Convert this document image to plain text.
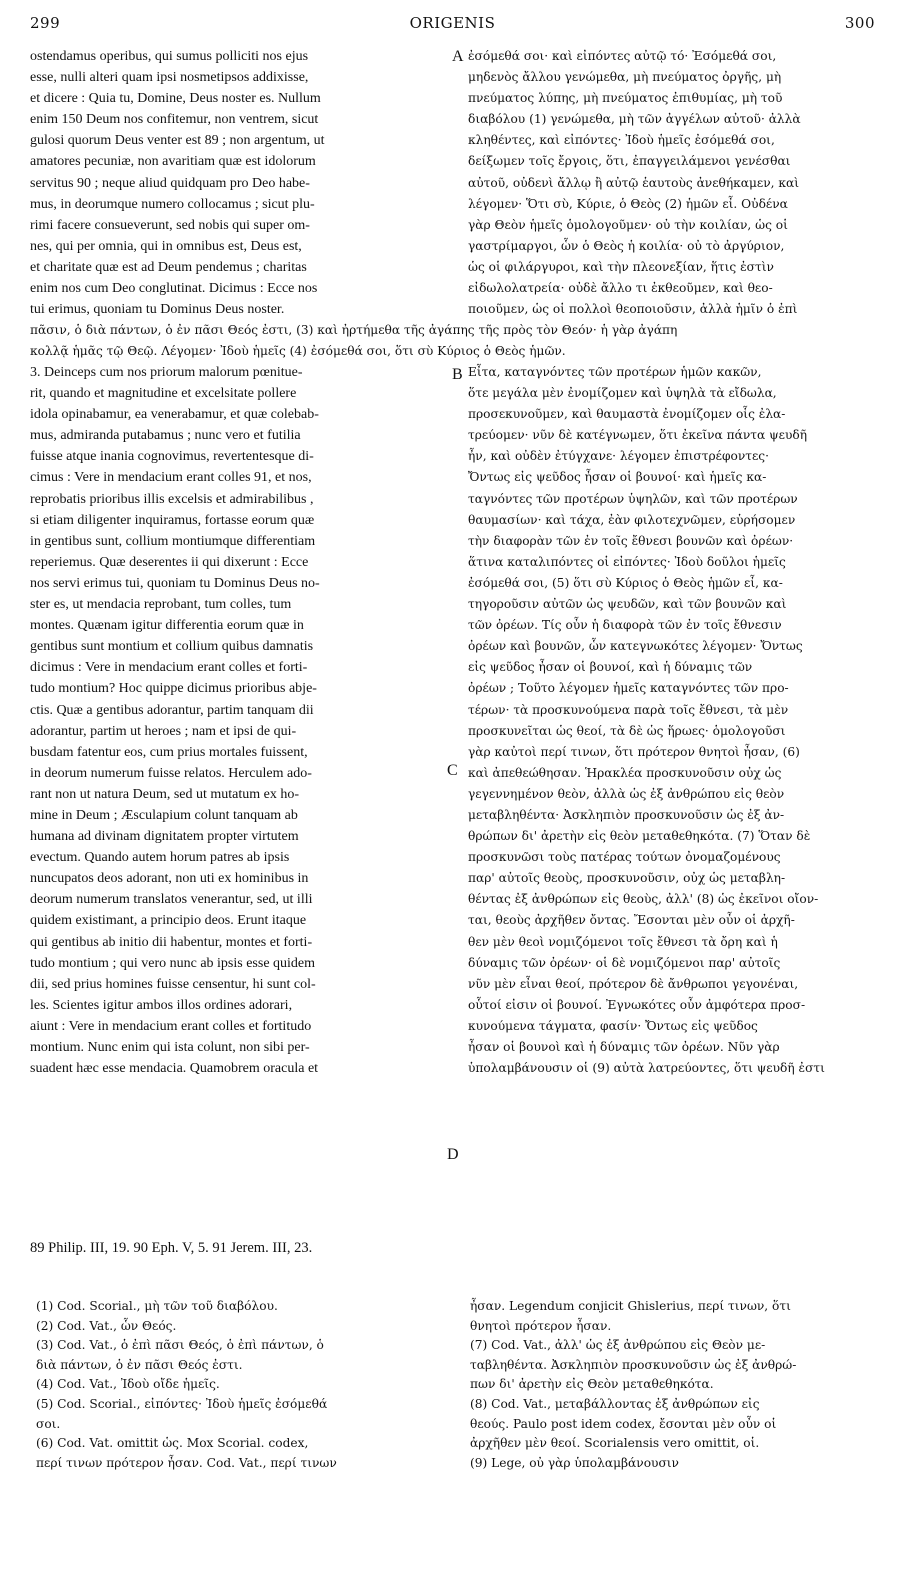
299	ORIGENIS	300
ostendamus operibus, qui sumus polliciti nos ejus
esse, nulli alteri quam ipsi nosmetipsos addixisse,
et dicere : Quia tu, Domine, Deus noster es. Nullum
enim 150 Deum nos confitemur, non ventrem, sicut
gulosi quorum Deus venter est 89 ; non argentum, ut
amatores pecuniæ, non avaritiam quæ est idolorum
servitus 90 ; neque aliud quidquam pro Deo habe-
mus, in deorumque numero collocamus ; sicut plu-
rimi facere consueverunt, sed nobis qui super om-
nes, qui per omnia, qui in omnibus est, Deus est,
et charitate quæ est ad Deum pendemus ; charitas
enim nos cum Deo conglutinat. Dicimus : Ecce nos
tui erimus, quoniam tu Dominus Deus noster.
ἐσόμεθά σοι· καὶ εἰπόντες αὐτῷ τό· Ἐσόμεθά σοι,
μηδενὸς ἄλλου γενώμεθα, μὴ πνεύματος ὀργῆς, μὴ
πνεύματος λύπης, μὴ πνεύματος ἐπιθυμίας, μὴ τοῦ
διαβόλου (1) γενώμεθα, μὴ τῶν ἀγγέλων αὐτοῦ· ἀλλὰ
κληθέντες, καὶ εἰπόντες· Ἰδοὺ ἡμεῖς ἐσόμεθά σοι,
δείξωμεν τοῖς ἔργοις, ὅτι, ἐπαγγειλάμενοι γενέσθαι
αὐτοῦ, οὐδενὶ ἄλλῳ ἢ αὐτῷ ἑαυτοὺς ἀνεθήκαμεν, καὶ
λέγομεν· Ὅτι σὺ, Κύριε, ὁ Θεὸς (2) ἡμῶν εἶ. Οὐδένα
γὰρ Θεὸν ἡμεῖς ὁμολογοῦμεν· οὐ τὴν κοιλίαν, ὡς οἱ
γαστρίμαργοι, ὧν ὁ Θεὸς ἡ κοιλία· οὐ τὸ ἀργύριον,
ὡς οἱ φιλάργυροι, καὶ τὴν πλεονεξίαν, ἥτις ἐστὶν
εἰδωλολατρεία· οὐδὲ ἄλλο τι ἐκθεοῦμεν, καὶ θεο-
ποιοῦμεν, ὡς οἱ πολλοὶ θεοποιοῦσιν, ἀλλὰ ἡμῖν ὁ ἐπὶ
A
πᾶσιν, ὁ διὰ πάντων, ὁ ἐν πᾶσι Θεός ἐστι, (3) καὶ ἠρτήμεθα τῆς ἀγάπης τῆς πρὸς τὸν Θεόν· ἡ γὰρ ἀγάπη
κολλᾷ ἡμᾶς τῷ Θεῷ. Λέγομεν· Ἰδοὺ ἡμεῖς (4) ἐσόμεθά σοι, ὅτι σὺ Κύριος ὁ Θεὸς ἡμῶν.
3. Deinceps cum nos priorum malorum pœnitue-
rit, quando et magnitudine et excelsitate pollere
idola opinabamur, ea venerabamur, et quæ colebab-
mus, admiranda putabamus ; nunc vero et futilia
fuisse atque inania cognovimus, revertentesque di-
cimus : Vere in mendacium erant colles 91, et nos,
reprobatis prioribus illis excelsis et admirabilibus ,
si etiam diligenter inquiramus, fortasse eorum quæ
in gentibus sunt, collium montiumque differentiam
reperiemus. Quæ deserentes ii qui dixerunt : Ecce
nos servi erimus tui, quoniam tu Dominus Deus no-
ster es, ut mendacia reprobant, tum colles, tum
montes. Quænam igitur differentia eorum quæ in
gentibus sunt montium et collium quibus damnatis
dicimus : Vere in mendacium erant colles et forti-
tudo montium? Hoc quippe dicimus prioribus abje-
ctis. Quæ a gentibus adorantur, partim tanquam dii
adorantur, partim ut heroes ; nam et ipsi de qui-
busdam fatentur eos, cum prius mortales fuissent,
in deorum numerum fuisse relatos. Herculem ado-
rant non ut natura Deum, sed ut mutatum ex ho-
mine in Deum ; Æsculapium colunt tanquam ab
humana ad divinam dignitatem propter virtutem
evectum. Quando autem horum patres ab ipsis
nuncupatos deos adorant, non uti ex hominibus in
deorum numerum translatos venerantur, sed, ut illi
quidem existimant, a principio deos. Erunt itaque
qui gentibus ab initio dii habentur, montes et forti-
tudo montium ; qui vero nunc ab ipsis esse quidem
dii, sed prius homines fuisse censentur, hi sunt col-
les. Scientes igitur ambos illos ordines adorari,
aiunt : Vere in mendacium erant colles et fortitudo
montium. Nunc enim qui ista colunt, non sibi per-
suadent hæc esse mendacia. Quamobrem oracula et
Εἶτα, καταγνόντες τῶν προτέρων ἡμῶν κακῶν,
ὅτε μεγάλα μὲν ἐνομίζομεν καὶ ὑψηλὰ τὰ εἴδωλα,
προσεκυνοῦμεν, καὶ θαυμαστὰ ἐνομίζομεν οἷς ἐλα-
τρεύομεν· νῦν δὲ κατέγνωμεν, ὅτι ἐκεῖνα πάντα ψευδῆ
ἦν, καὶ οὐδὲν ἐτύγχανε· λέγομεν ἐπιστρέφοντες·
Ὄντως εἰς ψεῦδος ἦσαν οἱ βουνοί· καὶ ἡμεῖς κα-
ταγνόντες τῶν προτέρων ὑψηλῶν, καὶ τῶν προτέρων
θαυμασίων· καὶ τάχα, ἐὰν φιλοτεχνῶμεν, εὑρήσομεν
τὴν διαφορὰν τῶν ἐν τοῖς ἔθνεσι βουνῶν καὶ ὀρέων·
ἅτινα καταλιπόντες οἱ εἰπόντες· Ἰδοὺ δοῦλοι ἡμεῖς
ἐσόμεθά σοι, (5) ὅτι σὺ Κύριος ὁ Θεὸς ἡμῶν εἶ, κα-
τηγοροῦσιν αὐτῶν ὡς ψευδῶν, καὶ τῶν βουνῶν καὶ
τῶν ὀρέων. Τίς οὖν ἡ διαφορὰ τῶν ἐν τοῖς ἔθνεσιν
ὀρέων καὶ βουνῶν, ὧν κατεγνωκότες λέγομεν· Ὄντως
εἰς ψεῦδος ἦσαν οἱ βουνοί, καὶ ἡ δύναμις τῶν
ὀρέων ; Τοῦτο λέγομεν ἡμεῖς καταγνόντες τῶν προ-
τέρων· τὰ προσκυνούμενα παρὰ τοῖς ἔθνεσι, τὰ μὲν
προσκυνεῖται ὡς θεοί, τὰ δὲ ὡς ἥρωες· ὁμολογοῦσι
γὰρ καὐτοὶ περί τινων, ὅτι πρότερον θνητοὶ ἦσαν, (6)
καὶ ἀπεθεώθησαν. Ἡρακλέα προσκυνοῦσιν οὐχ ὡς
γεγεννημένον θεὸν, ἀλλὰ ὡς ἐξ ἀνθρώπου εἰς θεὸν
μεταβληθέντα· Ἀσκληπιὸν προσκυνοῦσιν ὡς ἐξ ἀν-
θρώπων δι' ἀρετὴν εἰς θεὸν μεταθεθηκότα. (7) Ὅταν δὲ
προσκυνῶσι τοὺς πατέρας τούτων ὀνομαζομένους
παρ' αὐτοῖς θεοὺς, προσκυνοῦσιν, οὐχ ὡς μεταβλη-
θέντας ἐξ ἀνθρώπων εἰς θεοὺς, ἀλλ' (8) ὡς ἐκεῖνοι οἴον-
ται, θεοὺς ἀρχῆθεν ὄντας. Ἔσονται μὲν οὖν οἱ ἀρχῆ-
θεν μὲν θεοὶ νομιζόμενοι τοῖς ἔθνεσι τὰ ὄρη καὶ ἡ
δύναμις τῶν ὀρέων· οἱ δὲ νομιζόμενοι παρ' αὐτοῖς
νῦν μὲν εἶναι θεοί, πρότερον δὲ ἄνθρωποι γεγονέναι,
οὗτοί εἰσιν οἱ βουνοί. Ἐγνωκότες οὖν ἀμφότερα προσ-
κυνούμενα τάγματα, φασίν· Ὄντως εἰς ψεῦδος
ἦσαν οἱ βουνοὶ καὶ ἡ δύναμις τῶν ὀρέων. Νῦν γὰρ
ὑπολαμβάνουσιν οἱ (9) αὐτὰ λατρεύοντες, ὅτι ψευδῆ ἐστι
B
C
D
89 Philip. III, 19. 90 Eph. V, 5. 91 Jerem. III, 23.
(1) Cod. Scorial., μὴ τῶν τοῦ διαβόλου.
(2) Cod. Vat., ὧν Θεός.
(3) Cod. Vat., ὁ ἐπὶ πᾶσι Θεός, ὁ ἐπὶ πάντων, ὁ
διὰ πάντων, ὁ ἐν πᾶσι Θεός ἐστι.
(4) Cod. Vat., Ἰδοὺ οἴδε ἡμεῖς.
(5) Cod. Scorial., εἰπόντες· Ἰδοὺ ἡμεῖς ἐσόμεθά
σοι.
(6) Cod. Vat. omittit ὡς. Mox Scorial. codex,
περί τινων πρότερον ἦσαν. Cod. Vat., περί τινων
ἦσαν. Legendum conjicit Ghislerius, περί τινων, ὅτι
θνητοὶ πρότερον ἦσαν.
(7) Cod. Vat., ἀλλ' ὡς ἐξ ἀνθρώπου εἰς Θεὸν με-
ταβληθέντα. Ἀσκληπιὸν προσκυνοῦσιν ὡς ἐξ ἀνθρώ-
πων δι' ἀρετὴν εἰς Θεὸν μεταθεθηκότα.
(8) Cod. Vat., μεταβάλλοντας ἐξ ἀνθρώπων εἰς
θεούς. Paulo post idem codex, ἔσονται μὲν οὖν οἱ
ἀρχῆθεν μὲν θεοί. Scorialensis vero omittit, οἱ.
(9) Lege, οὐ γὰρ ὑπολαμβάνουσιν
